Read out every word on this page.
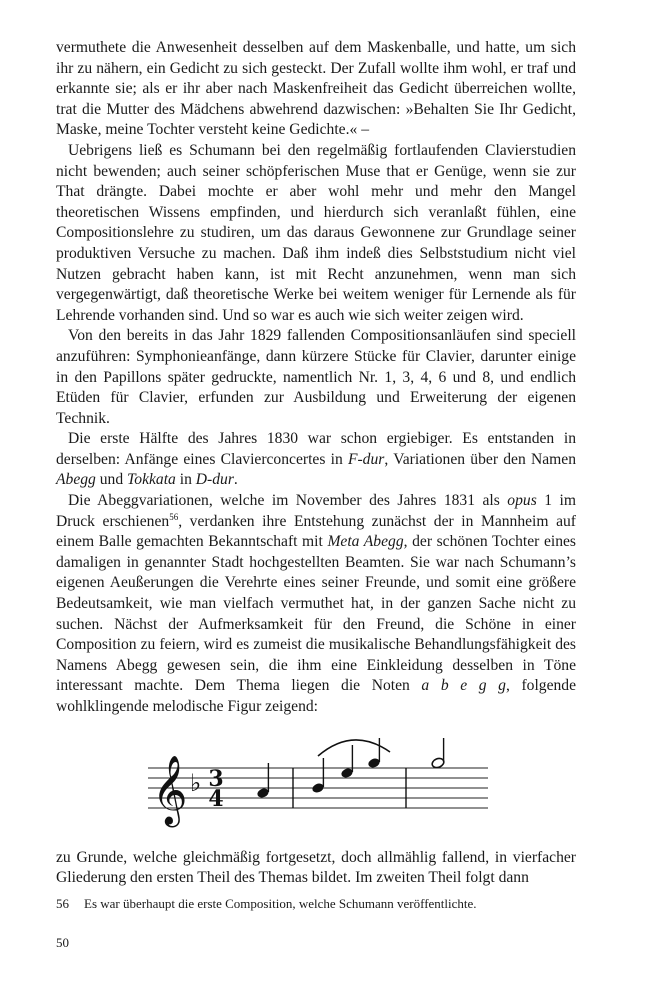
vermuthete die Anwesenheit desselben auf dem Maskenballe, und hatte, um sich ihr zu nähern, ein Gedicht zu sich gesteckt. Der Zufall wollte ihm wohl, er traf und erkannte sie; als er ihr aber nach Maskenfreiheit das Gedicht überreichen wollte, trat die Mutter des Mädchens abwehrend dazwischen: »Behalten Sie Ihr Gedicht, Maske, meine Tochter versteht keine Gedichte.« –

Uebrigens ließ es Schumann bei den regelmäßig fortlaufenden Clavierstudien nicht bewenden; auch seiner schöpferischen Muse that er Genüge, wenn sie zur That drängte. Dabei mochte er aber wohl mehr und mehr den Mangel theoretischen Wissens empfinden, und hierdurch sich veranlaßt fühlen, eine Compositionslehre zu studiren, um das daraus Gewonnene zur Grundlage seiner produktiven Versuche zu machen. Daß ihm indeß dies Selbststudium nicht viel Nutzen gebracht haben kann, ist mit Recht anzunehmen, wenn man sich vergegenwärtigt, daß theoretische Werke bei weitem weniger für Lernende als für Lehrende vorhanden sind. Und so war es auch wie sich weiter zeigen wird.

Von den bereits in das Jahr 1829 fallenden Compositionsanläufen sind speciell anzuführen: Symphonieanfänge, dann kürzere Stücke für Clavier, darunter einige in den Papillons später gedruckte, namentlich Nr. 1, 3, 4, 6 und 8, und endlich Etüden für Clavier, erfunden zur Ausbildung und Erweiterung der eigenen Technik.

Die erste Hälfte des Jahres 1830 war schon ergiebiger. Es entstanden in derselben: Anfänge eines Clavierconcertes in F-dur, Variationen über den Namen Abegg und Tokkata in D-dur.

Die Abeggvariationen, welche im November des Jahres 1831 als opus 1 im Druck erschienen$^{56}$, verdanken ihre Entstehung zunächst der in Mannheim auf einem Balle gemachten Bekanntschaft mit Meta Abegg, der schönen Tochter eines damaligen in genannter Stadt hochgestellten Beamten. Sie war nach Schumann’s eigenen Aeußerungen die Verehrte eines seiner Freunde, und somit eine größere Bedeutsamkeit, wie man vielfach vermuthet hat, in der ganzen Sache nicht zu suchen. Nächst der Aufmerksamkeit für den Freund, die Schöne in einer Composition zu feiern, wird es zumeist die musikalische Behandlungsfähigkeit des Namens Abegg gewesen sein, die ihm eine Einkleidung desselben in Töne interessant machte. Dem Thema liegen die Noten a b e g g, folgende wohlklingende melodische Figur zeigend:

𝄞 ♭ 3
4

zu Grunde, welche gleichmäßig fortgesetzt, doch allmählig fallend, in vierfacher Gliederung den ersten Theil des Themas bildet. Im zweiten Theil folgt dann

56	Es war überhaupt die erste Composition, welche Schumann veröffentlichte.
50
